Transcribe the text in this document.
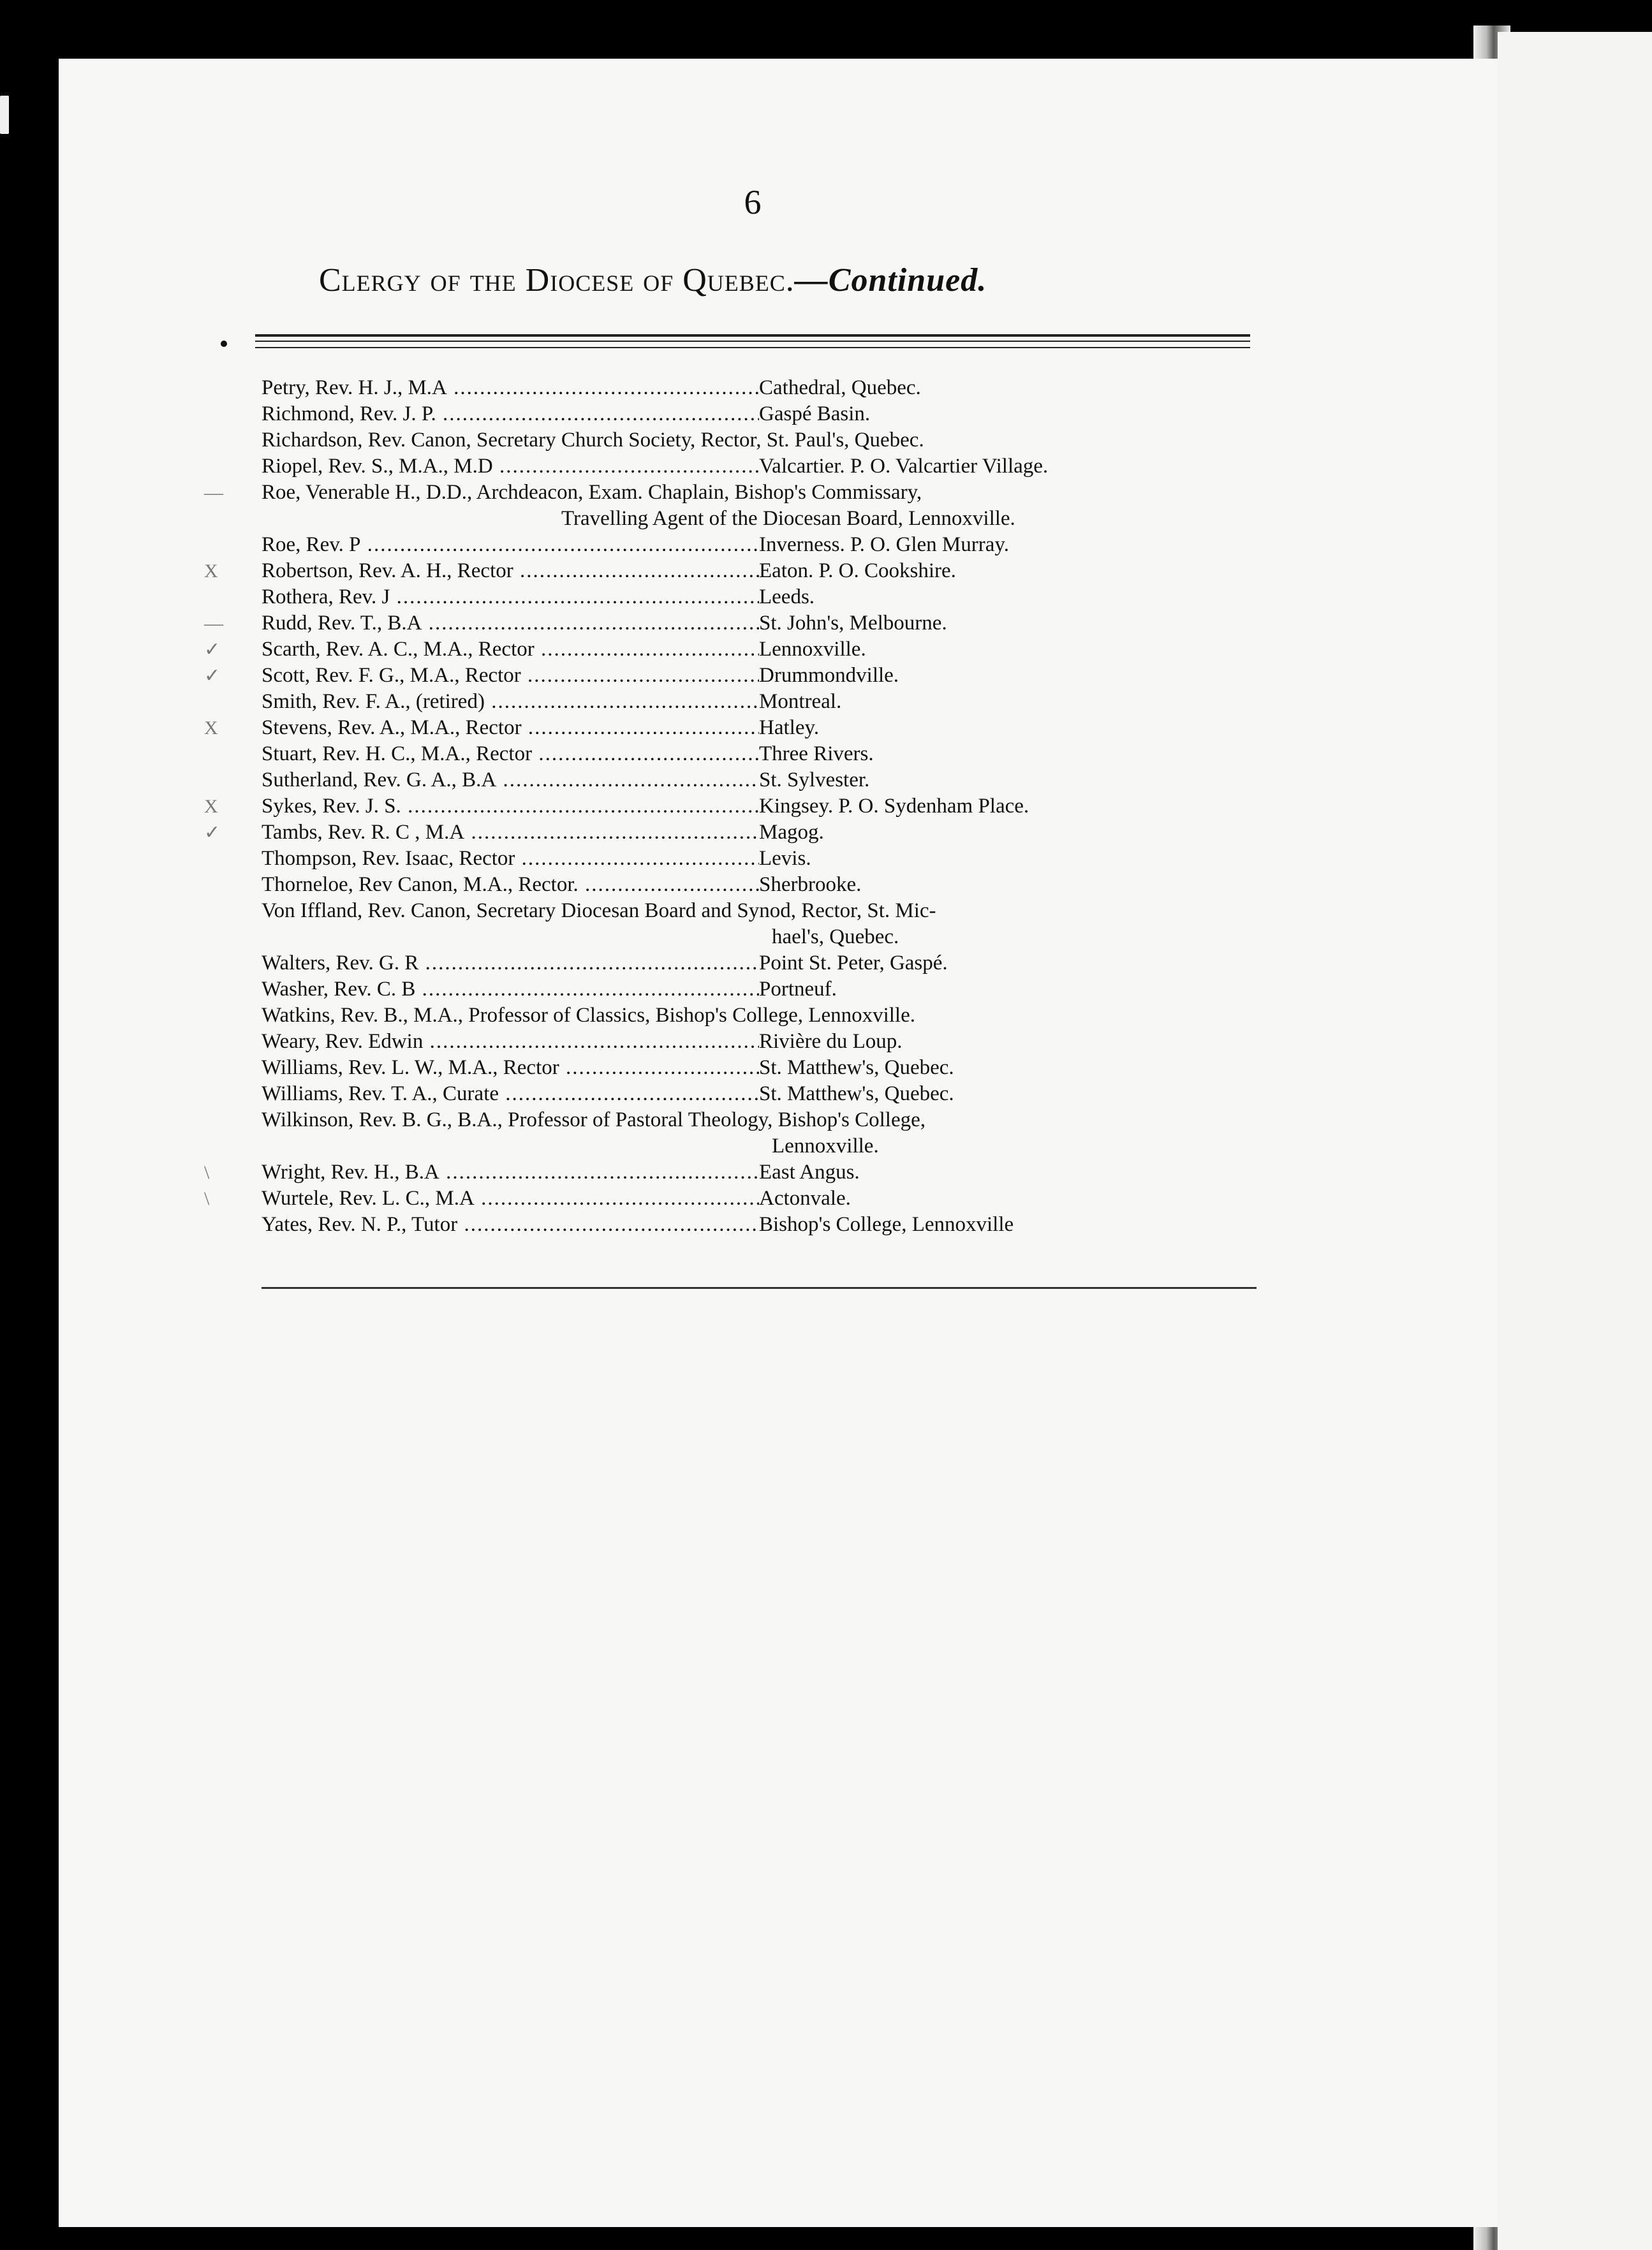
6
Clergy of the Diocese of Quebec.—Continued.
Petry, Rev. H. J., M.A .....	Cathedral, Quebec.
Richmond, Rev. J. P. .....	Gaspé Basin.
Richardson, Rev. Canon, Secretary Church Society, Rector, St. Paul's, Quebec.
Riopel, Rev. S., M.A., M.D .....	Valcartier. P. O. Valcartier Village.
— Roe, Venerable H., D.D., Archdeacon, Exam. Chaplain, Bishop's Commissary,
Travelling Agent of the Diocesan Board, Lennoxville.
Roe, Rev. P .....	Inverness. P. O. Glen Murray.
X Robertson, Rev. A. H., Rector .....	Eaton. P. O. Cookshire.
Rothera, Rev. J .....	Leeds.
— Rudd, Rev. T., B.A .....	St. John's, Melbourne.
✓ Scarth, Rev. A. C., M.A., Rector .....	Lennoxville.
✓ Scott, Rev. F. G., M.A., Rector .....	Drummondville.
Smith, Rev. F. A., (retired) .....	Montreal.
X Stevens, Rev. A., M.A., Rector .....	Hatley.
Stuart, Rev. H. C., M.A., Rector .....	Three Rivers.
Sutherland, Rev. G. A., B.A .....	St. Sylvester.
X Sykes, Rev. J. S. .....	Kingsey. P. O. Sydenham Place.
✓ Tambs, Rev. R. C , M.A .....	Magog.
Thompson, Rev. Isaac, Rector .....	Levis.
Thorneloe, Rev Canon, M.A., Rector. .....	Sherbrooke.
Von Iffland, Rev. Canon, Secretary Diocesan Board and Synod, Rector, St. Mic-
hael's, Quebec.
Walters, Rev. G. R .....	Point St. Peter, Gaspé.
Washer, Rev. C. B .....	Portneuf.
Watkins, Rev. B., M.A., Professor of Classics, Bishop's College, Lennoxville.
Weary, Rev. Edwin .....	Rivière du Loup.
Williams, Rev. L. W., M.A., Rector .....	St. Matthew's, Quebec.
Williams, Rev. T. A., Curate .....	St. Matthew's, Quebec.
Wilkinson, Rev. B. G., B.A., Professor of Pastoral Theology, Bishop's College,
Lennoxville.
\ Wright, Rev. H., B.A .....	East Angus.
\ Wurtele, Rev. L. C., M.A .....	Actonvale.
Yates, Rev. N. P., Tutor .....	Bishop's College, Lennoxville
